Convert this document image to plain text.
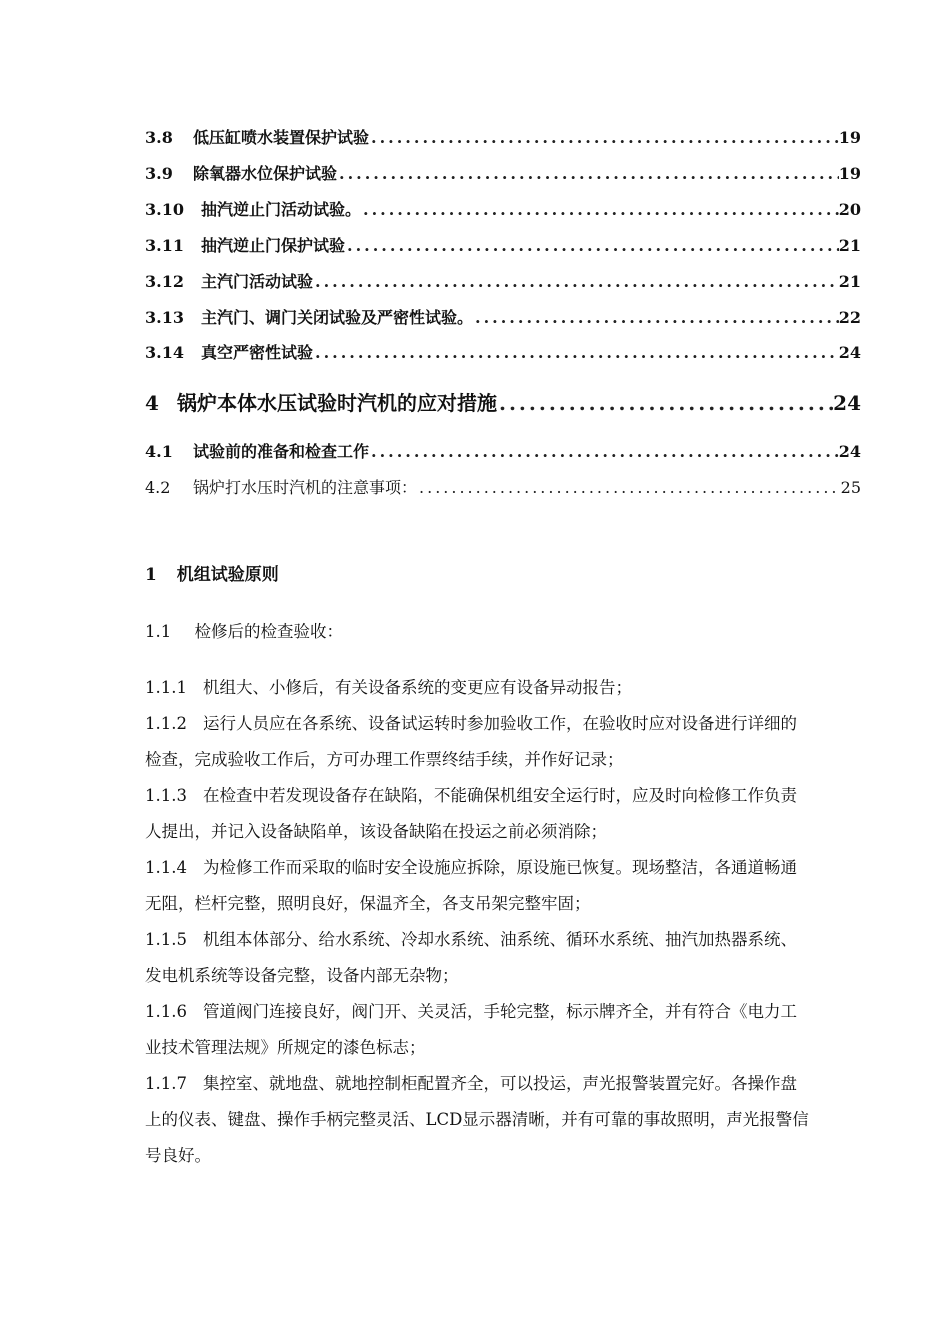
3.8	低压缸喷水装置保护试验 .....	19
3.9	除氧器水位保护试验 .....	19
3.10	抽汽逆止门活动试验。 .....	20
3.11	抽汽逆止门保护试验 .....	21
3.12	主汽门活动试验 .....	21
3.13	主汽门、调门关闭试验及严密性试验。 .....	22
3.14	真空严密性试验 .....	24
4 锅炉本体水压试验时汽机的应对措施 .....	24
4.1	试验前的准备和检查工作 .....	24
4.2	锅炉打水压时汽机的注意事项： .....	25
1 机组试验原则
1.1 检修后的检查验收：
1.1.1 机组大、小修后，有关设备系统的变更应有设备异动报告；
1.1.2 运行人员应在各系统、设备试运转时参加验收工作，在验收时应对设备进行详细的检查，完成验收工作后，方可办理工作票终结手续，并作好记录；
1.1.3 在检查中若发现设备存在缺陷，不能确保机组安全运行时，应及时向检修工作负责人提出，并记入设备缺陷单，该设备缺陷在投运之前必须消除；
1.1.4 为检修工作而采取的临时安全设施应拆除，原设施已恢复。现场整洁，各通道畅通无阻，栏杆完整，照明良好，保温齐全，各支吊架完整牢固；
1.1.5 机组本体部分、给水系统、冷却水系统、油系统、循环水系统、抽汽加热器系统、发电机系统等设备完整，设备内部无杂物；
1.1.6 管道阀门连接良好，阀门开、关灵活，手轮完整，标示牌齐全，并有符合《电力工业技术管理法规》所规定的漆色标志；
1.1.7 集控室、就地盘、就地控制柜配置齐全，可以投运，声光报警装置完好。各操作盘上的仪表、键盘、操作手柄完整灵活、LCD显示器清晰，并有可靠的事故照明，声光报警信号良好。
